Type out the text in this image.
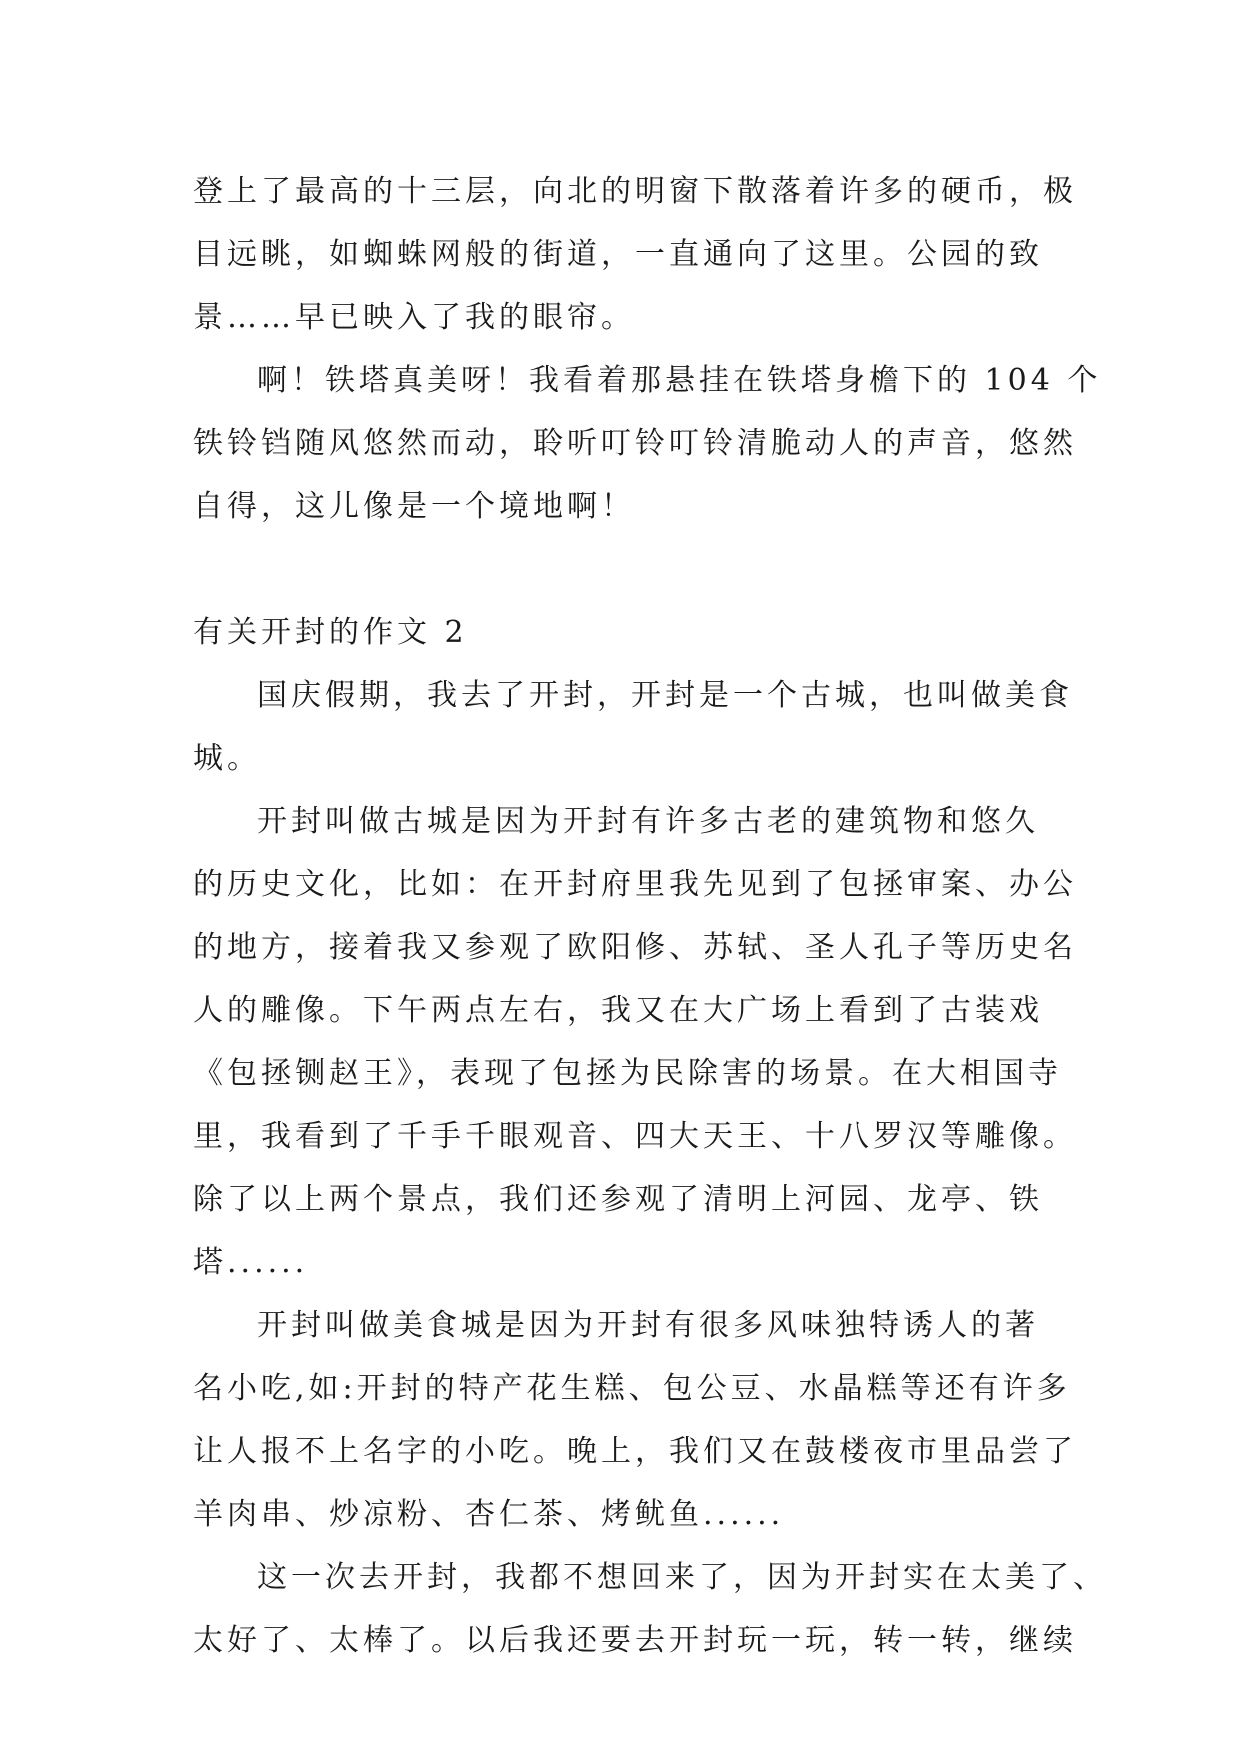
登上了最高的十三层，向北的明窗下散落着许多的硬币，极
目远眺，如蜘蛛网般的街道，一直通向了这里。公园的致
景……早已映入了我的眼帘。
啊！铁塔真美呀！我看着那悬挂在铁塔身檐下的 104 个
铁铃铛随风悠然而动，聆听叮铃叮铃清脆动人的声音，悠然
自得，这儿像是一个境地啊！
有关开封的作文 2
国庆假期，我去了开封，开封是一个古城，也叫做美食
城。
开封叫做古城是因为开封有许多古老的建筑物和悠久
的历史文化，比如：在开封府里我先见到了包拯审案、办公
的地方，接着我又参观了欧阳修、苏轼、圣人孔子等历史名
人的雕像。下午两点左右，我又在大广场上看到了古装戏
《包拯铡赵王》，表现了包拯为民除害的场景。在大相国寺
里，我看到了千手千眼观音、四大天王、十八罗汉等雕像。
除了以上两个景点，我们还参观了清明上河园、龙亭、铁
塔......
开封叫做美食城是因为开封有很多风味独特诱人的著
名小吃,如:开封的特产花生糕、包公豆、水晶糕等还有许多
让人报不上名字的小吃。晚上，我们又在鼓楼夜市里品尝了
羊肉串、炒凉粉、杏仁茶、烤鱿鱼......
这一次去开封，我都不想回来了，因为开封实在太美了、
太好了、太棒了。以后我还要去开封玩一玩，转一转，继续
